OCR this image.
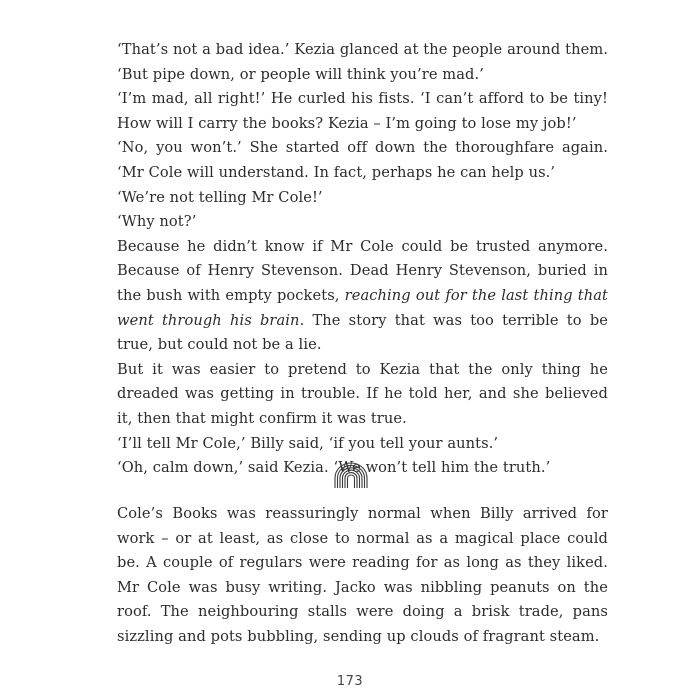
‘That’s not a bad idea.’ Kezia glanced at the people around them. ‘But pipe down, or people will think you’re mad.’

‘I’m mad, all right!’ He curled his fists. ‘I can’t afford to be tiny! How will I carry the books? Kezia – I’m going to lose my job!’

‘No, you won’t.’ She started off down the thoroughfare again. ‘Mr Cole will understand. In fact, perhaps he can help us.’

‘We’re not telling Mr Cole!’

‘Why not?’

Because he didn’t know if Mr Cole could be trusted anymore. Because of Henry Stevenson. Dead Henry Stevenson, buried in the bush with empty pockets, reaching out for the last thing that went through his brain. The story that was too terrible to be true, but could not be a lie.

But it was easier to pretend to Kezia that the only thing he dreaded was getting in trouble. If he told her, and she believed it, then that might confirm it was true.

‘I’ll tell Mr Cole,’ Billy said, ‘if you tell your aunts.’

‘Oh, calm down,’ said Kezia. ‘We won’t tell him the truth.’

Cole’s Books was reassuringly normal when Billy arrived for work – or at least, as close to normal as a magical place could be. A couple of regulars were reading for as long as they liked. Mr Cole was busy writing. Jacko was nibbling peanuts on the roof. The neighbouring stalls were doing a brisk trade, pans sizzling and pots bubbling, sending up clouds of fragrant steam.

173
